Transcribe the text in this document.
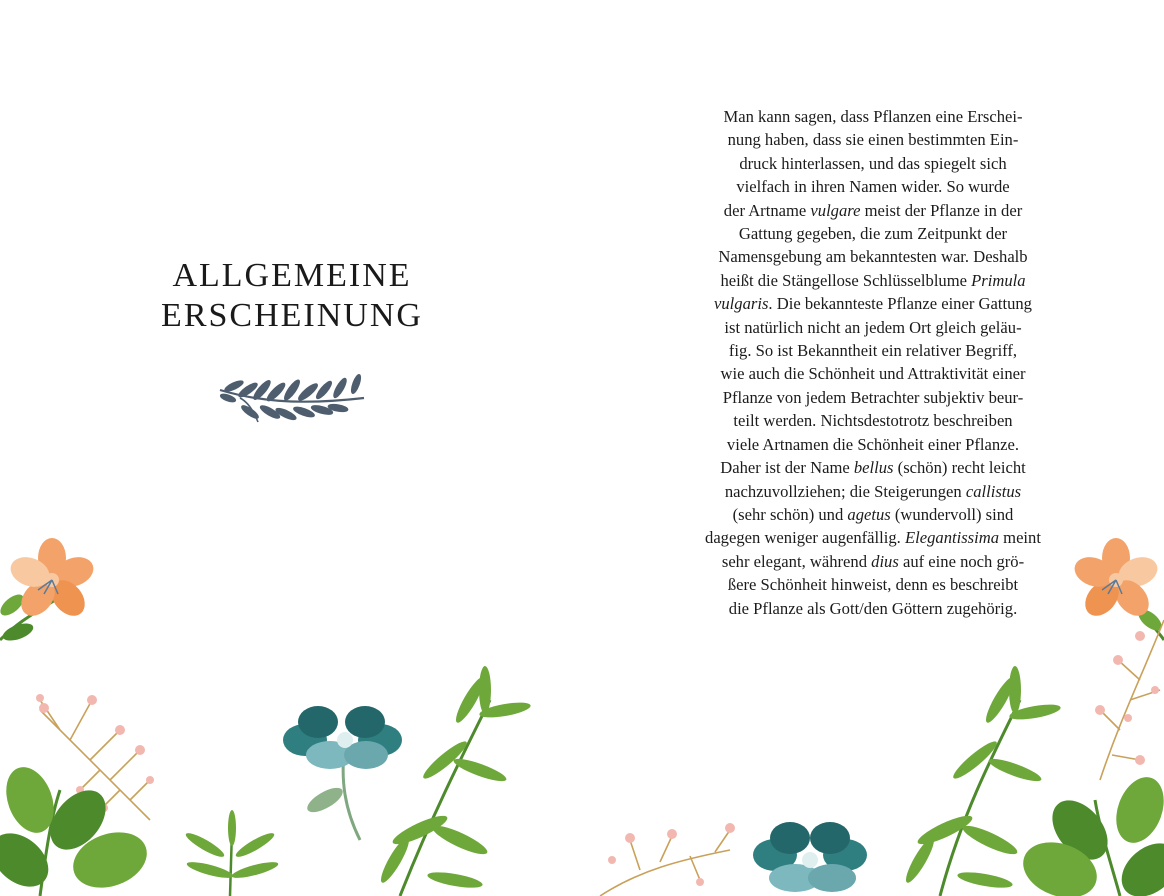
ALLGEMEINE
ERSCHEINUNG
Man kann sagen, dass Pflanzen eine Erschei-
nung haben, dass sie einen bestimmten Ein-
druck hinterlassen, und das spiegelt sich
vielfach in ihren Namen wider. So wurde
der Artname vulgare meist der Pflanze in der
Gattung gegeben, die zum Zeitpunkt der
Namensgebung am bekanntesten war. Deshalb
heißt die Stängellose Schlüsselblume Primula
vulgaris. Die bekannteste Pflanze einer Gattung
ist natürlich nicht an jedem Ort gleich geläu-
fig. So ist Bekanntheit ein relativer Begriff,
wie auch die Schönheit und Attraktivität einer
Pflanze von jedem Betrachter subjektiv beur-
teilt werden. Nichtsdestotrotz beschreiben
viele Artnamen die Schönheit einer Pflanze.
Daher ist der Name bellus (schön) recht leicht
nachzuvollziehen; die Steigerungen callistus
(sehr schön) und agetus (wundervoll) sind
dagegen weniger augenfällig. Elegantissima meint
sehr elegant, während dius auf eine noch grö-
ßere Schönheit hinweist, denn es beschreibt
die Pflanze als Gott/den Göttern zugehörig.
